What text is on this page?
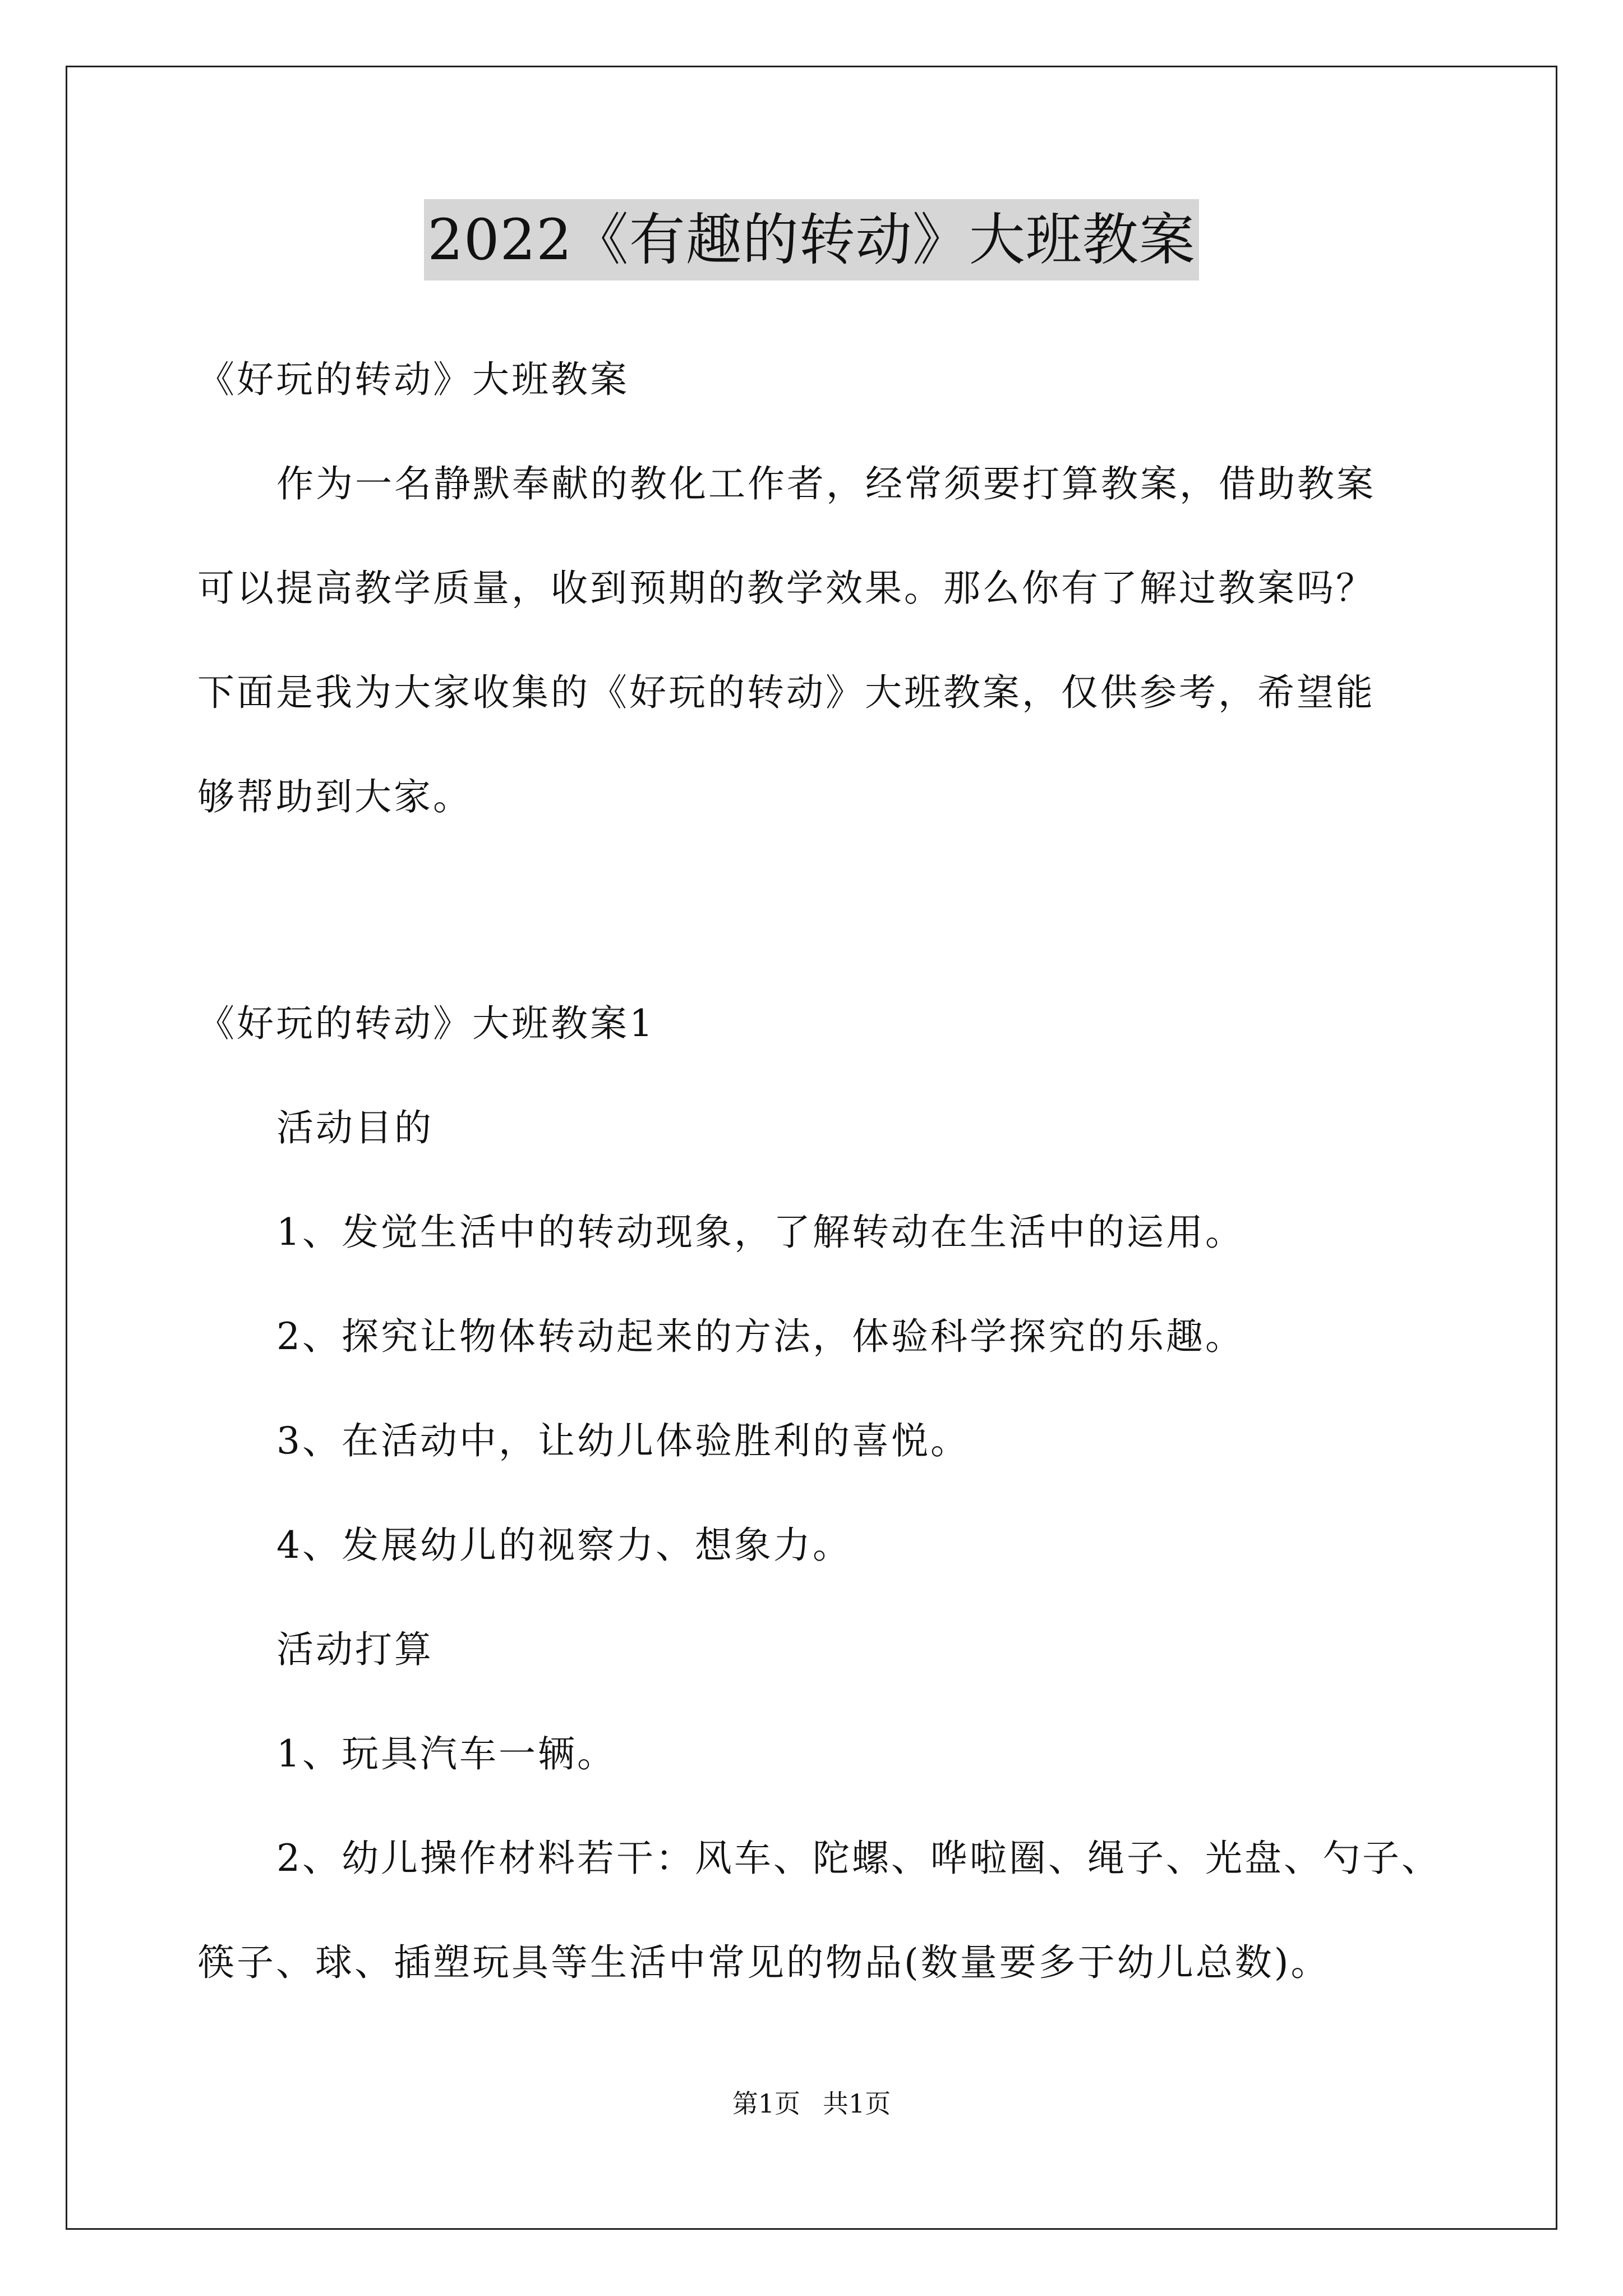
2022《有趣的转动》大班教案

《好玩的转动》大班教案

作为一名静默奉献的教化工作者，经常须要打算教案，借助教案

可以提高教学质量，收到预期的教学效果。那么你有了解过教案吗？

下面是我为大家收集的《好玩的转动》大班教案，仅供参考，希望能

够帮助到大家。

《好玩的转动》大班教案1

活动目的

1、发觉生活中的转动现象，了解转动在生活中的运用。

2、探究让物体转动起来的方法，体验科学探究的乐趣。

3、在活动中，让幼儿体验胜利的喜悦。

4、发展幼儿的视察力、想象力。

活动打算

1、玩具汽车一辆。

2、幼儿操作材料若干：风车、陀螺、哗啦圈、绳子、光盘、勺子、

筷子、球、插塑玩具等生活中常见的物品(数量要多于幼儿总数)。

第1页 共1页
